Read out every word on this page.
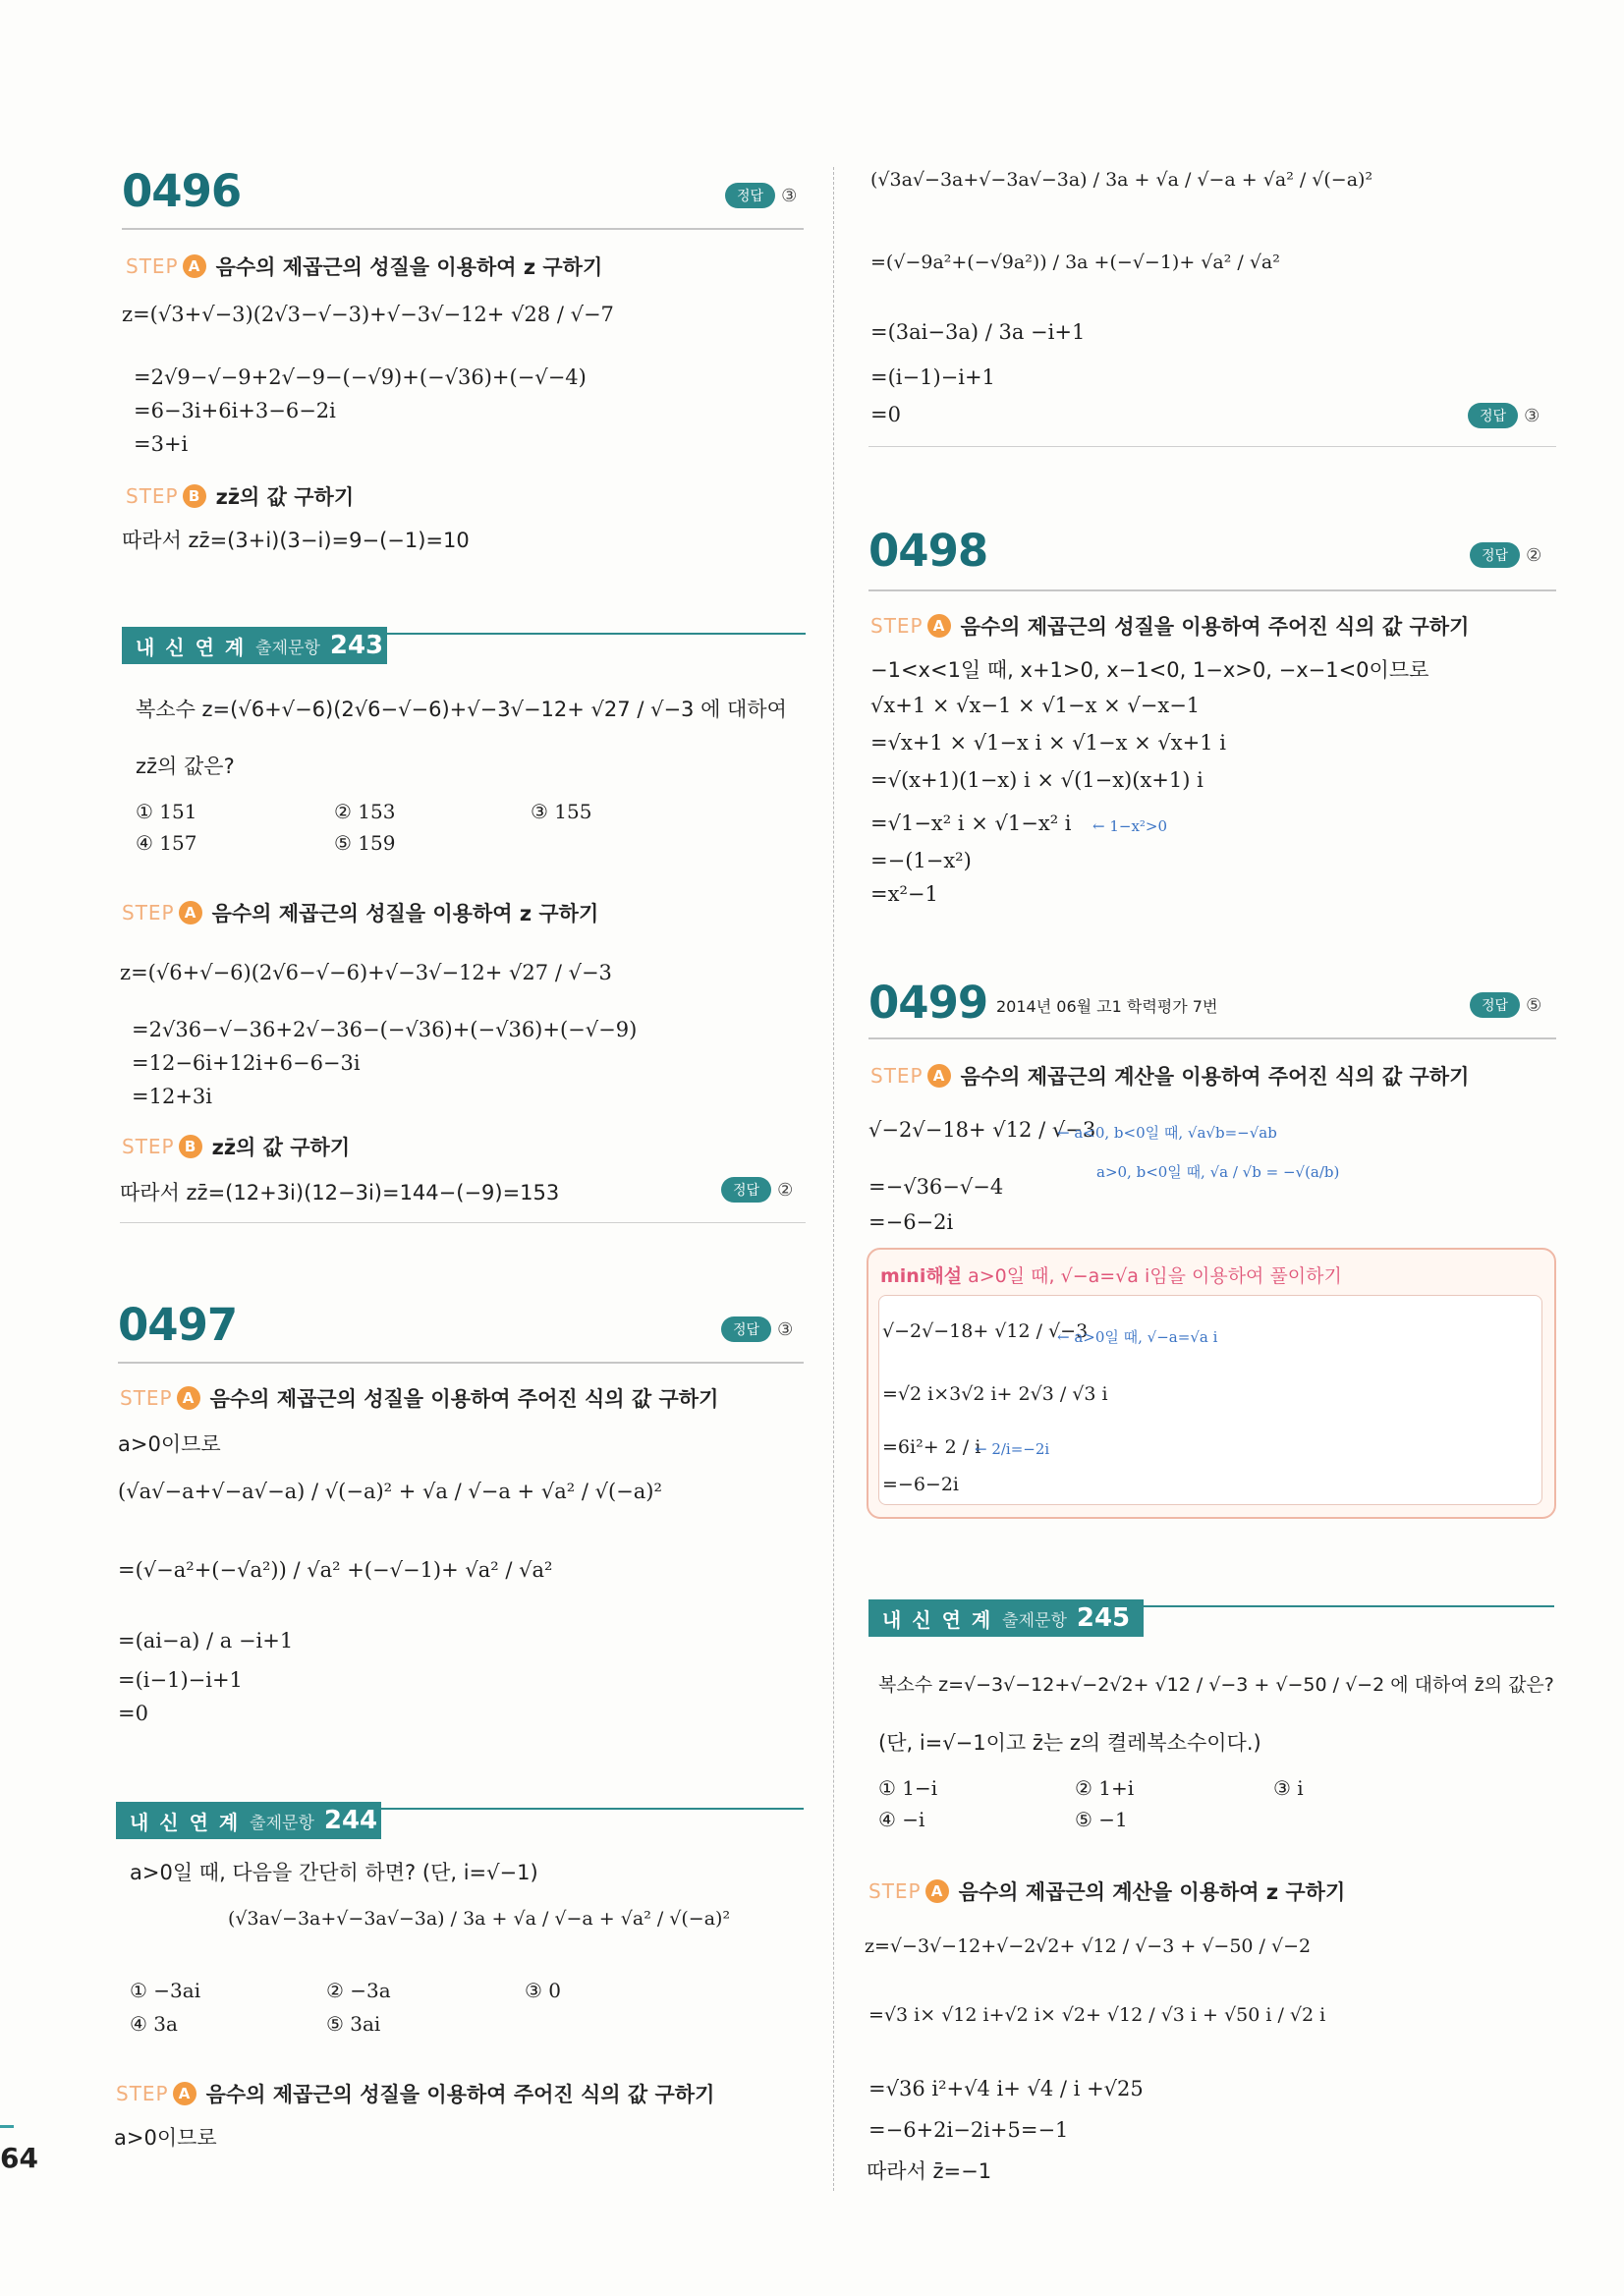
0496	정답	③
STEP A 음수의 제곱근의 성질을 이용하여 z 구하기
z=(√3+√−3)(2√3−√−3)+√−3√−12+ √28 / √−7
=2√9−√−9+2√−9−(−√9)+(−√36)+(−√−4)
=6−3i+6i+3−6−2i
=3+i
STEP B zz̄의 값 구하기
따라서 zz̄=(3+i)(3−i)=9−(−1)=10
내 신 연 계 출제문항 243
복소수 z=(√6+√−6)(2√6−√−6)+√−3√−12+ √27 / √−3 에 대하여
zz̄의 값은?
① 151	② 153	③ 155
④ 157	⑤ 159
STEP A 음수의 제곱근의 성질을 이용하여 z 구하기
z=(√6+√−6)(2√6−√−6)+√−3√−12+ √27 / √−3
=2√36−√−36+2√−36−(−√36)+(−√36)+(−√−9)
=12−6i+12i+6−6−3i
=12+3i
STEP B zz̄의 값 구하기
따라서 zz̄=(12+3i)(12−3i)=144−(−9)=153	정답	②
0497	정답	③
STEP A 음수의 제곱근의 성질을 이용하여 주어진 식의 값 구하기
a>0이므로
(√a√−a+√−a√−a) / √(−a)² + √a / √−a + √a² / √(−a)²
=(√−a²+(−√a²)) / √a² +(−√−1)+ √a² / √a²
=(ai−a) / a −i+1
=(i−1)−i+1
=0
내 신 연 계 출제문항 244
a>0일 때, 다음을 간단히 하면? (단, i=√−1)
(√3a√−3a+√−3a√−3a) / 3a + √a / √−a + √a² / √(−a)²
① −3ai	② −3a	③ 0
④ 3a	⑤ 3ai
STEP A 음수의 제곱근의 성질을 이용하여 주어진 식의 값 구하기
a>0이므로
(√3a√−3a+√−3a√−3a) / 3a + √a / √−a + √a² / √(−a)²
=(√−9a²+(−√9a²)) / 3a +(−√−1)+ √a² / √a²
=(3ai−3a) / 3a −i+1
=(i−1)−i+1
=0	정답	③
0498	정답	②
STEP A 음수의 제곱근의 성질을 이용하여 주어진 식의 값 구하기
−1<x<1일 때, x+1>0, x−1<0, 1−x>0, −x−1<0이므로
√x+1 × √x−1 × √1−x × √−x−1
=√x+1 × √1−x i × √1−x × √x+1 i
=√(x+1)(1−x) i × √(1−x)(x+1) i
=√1−x² i × √1−x² i ← 1−x²>0
=−(1−x²)
=x²−1
0499 2014년 06월 고1 학력평가 7번	정답	⑤
STEP A 음수의 제곱근의 계산을 이용하여 주어진 식의 값 구하기
√−2√−18+ √12 / √−3
← a<0, b<0일 때, √a√b=−√ab
a>0, b<0일 때, √a / √b = −√(a/b)
=−√36−√−4
=−6−2i
mini해설 a>0일 때, √−a=√a i임을 이용하여 풀이하기
√−2√−18+ √12 / √−3
← a>0일 때, √−a=√a i
=√2 i×3√2 i+ 2√3 / √3 i
=6i²+ 2 / i
← 2/i=−2i
=−6−2i
내 신 연 계 출제문항 245
복소수 z=√−3√−12+√−2√2+ √12 / √−3 + √−50 / √−2 에 대하여 z̄의 값은?
(단, i=√−1이고 z̄는 z의 켤레복소수이다.)
① 1−i	② 1+i	③ i
④ −i	⑤ −1
STEP A 음수의 제곱근의 계산을 이용하여 z 구하기
z=√−3√−12+√−2√2+ √12 / √−3 + √−50 / √−2
=√3 i× √12 i+√2 i× √2+ √12 / √3 i + √50 i / √2 i
=√36 i²+√4 i+ √4 / i +√25
=−6+2i−2i+5=−1
따라서 z̄=−1
64
